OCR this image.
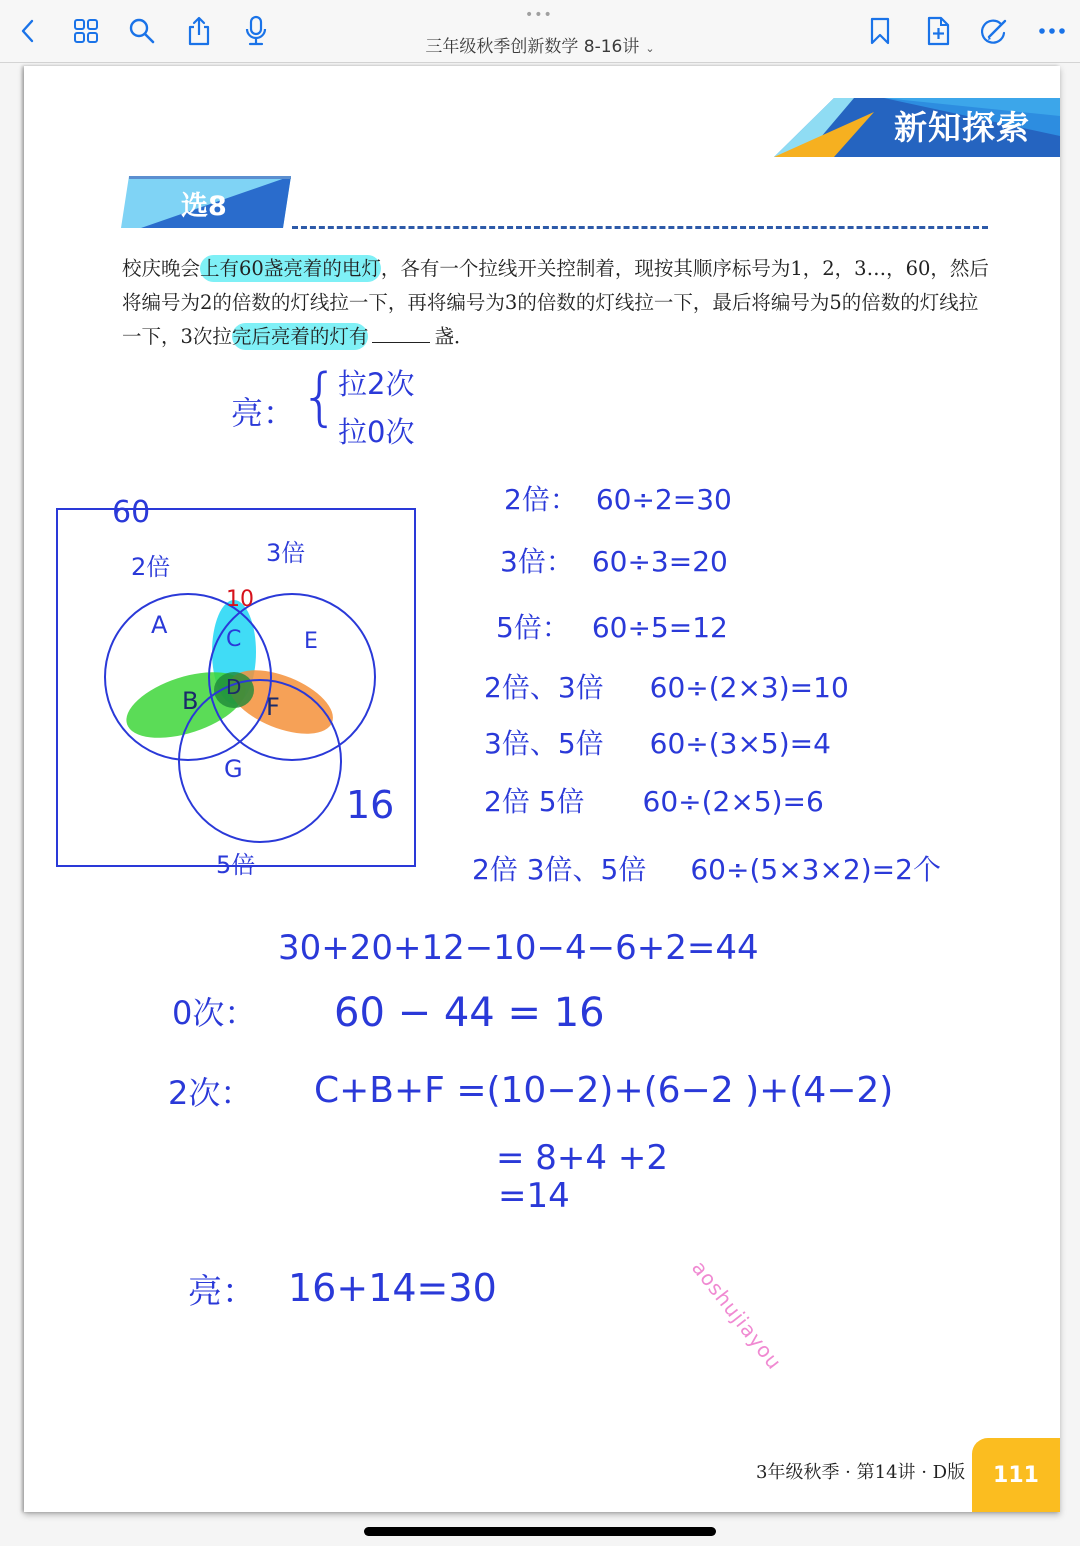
•••
三年级秋季创新数学 8-16讲 ⌄
新知探索
选8
校庆晚会上有60盏亮着的电灯，各有一个拉线开关控制着，现按其顺序标号为1，2，3…，60，然后将编号为2的倍数的灯线拉一下，再将编号为3的倍数的灯线拉一下，最后将编号为5的倍数的灯线拉一下，3次拉完后亮着的灯有	盏．
亮： {
拉2次
拉0次
60
2倍	3倍
5倍
10
A
B
C
D
E
F
G
16
2倍： 60÷2=30
3倍： 60÷3=20
5倍： 60÷5=12
2倍、3倍 60÷(2×3)=10
3倍、5倍 60÷(3×5)=4
2倍 5倍 60÷(2×5)=6
2倍 3倍、5倍 60÷(5×3×2)=2个
30+20+12−10−4−6+2=44
0次： 60 − 44 = 16
2次： C+B+F =(10−2)+(6−2 )+(4−2)
= 8+4 +2
=14
亮： 16+14=30	aoshujiayou
3年级秋季 · 第14讲 · D版	111
